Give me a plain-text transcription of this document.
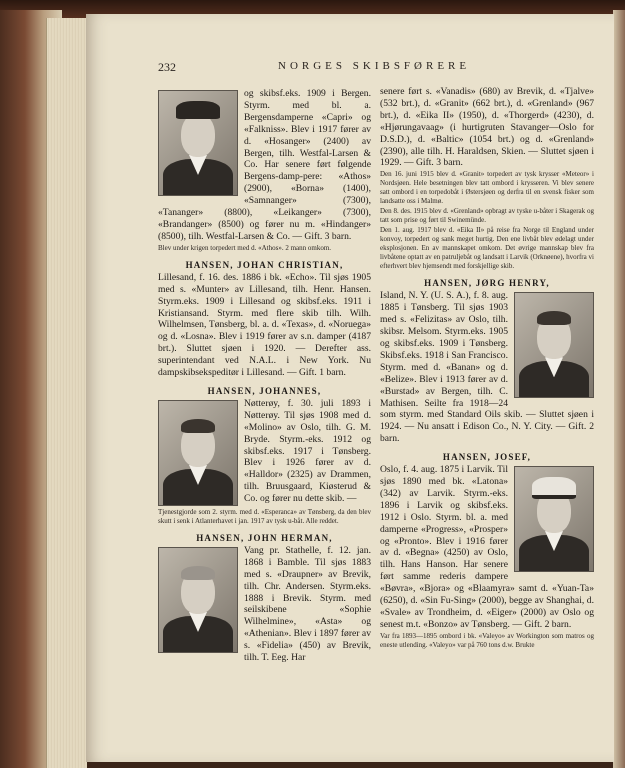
232	NORGES SKIBSFØRERE

og skibsf.eks. 1909 i Bergen. Styrm. med bl. a. Bergensdamperne «Capri» og «Falkniss». Blev i 1917 fører av d. «Hosanger» (2400) av Bergen, tilh. Westfal-Larsen & Co. Har senere ført følgende Bergens-damp-pere: «Athos» (2900), «Borna» (1400), «Samnanger» (7300), «Tananger» (8800), «Leikanger» (7300), «Brandanger» (8500) og fører nu m. «Hindanger» (8500), tilh. Westfal-Larsen & Co. — Gift. 3 barn.

Blev under krigen torpedert med d. «Athos». 2 mann omkom.

HANSEN, JOHAN CHRISTIAN,

Lillesand, f. 16. des. 1886 i bk. «Echo». Til sjøs 1905 med s. «Munter» av Lillesand, tilh. Henr. Hansen. Styrm.eks. 1909 i Lillesand og skibsf.eks. 1911 i Kristiansand. Styrm. med flere skib tilh. Wilh. Wilhelmsen, Tønsberg, bl. a. d. «Texas», d. «Noruega» og d. «Losna». Blev i 1919 fører av s.n. damper (4187 brt.). Sluttet sjøen i 1920. — Derefter ass. superintendant ved N.A.L. i New York. Nu dampskibsekspeditør i Lillesand. — Gift. 1 barn.

HANSEN, JOHANNES,

Nøtterøy, f. 30. juli 1893 i Nøtterøy. Til sjøs 1908 med d. «Molino» av Oslo, tilh. G. M. Bryde. Styrm.-eks. 1912 og skibsf.eks. 1917 i Tønsberg. Blev i 1926 fører av d. «Halldor» (2325) av Drammen, tilh. Bruusgaard, Kiøsterud & Co. og fører nu dette skib. —

Tjenestgjorde som 2. styrm. med d. «Esperanca» av Tønsberg, da den blev skutt i senk i Atlanterhavet i jan. 1917 av tysk u-båt. Alle reddet.

HANSEN, JOHN HERMAN,

Vang pr. Stathelle, f. 12. jan. 1868 i Bamble. Til sjøs 1883 med s. «Draupner» av Brevik, tilh. Chr. Andersen. Styrm.eks. 1888 i Brevik. Styrm. med seilskibene «Sophie Wilhelmine», «Asta» og «Athenian». Blev i 1897 fører av s. «Fidelia» (450) av Brevik, tilh. T. Eeg. Har

senere ført s. «Vanadis» (680) av Brevik, d. «Tjalve» (532 brt.), d. «Granit» (662 brt.), d. «Grenland» (967 brt.), d. «Eika II» (1950), d. «Thorgerd» (4230), d. «Hjørungavaag» (i hurtigruten Stavanger—Oslo for D.S.D.), d. «Baltic» (1054 brt.) og d. «Grenland» (2390), alle tilh. H. Haraldsen, Skien. — Sluttet sjøen i 1929. — Gift. 3 barn.

Den 16. juni 1915 blev d. «Granit» torpedert av tysk krysser «Meteor» i Nordsjøen. Hele besetningen blev tatt ombord i krysseren. Vi blev senere satt ombord i en torpedobåt i Østersjøen og derfra til en svensk fisker som landsatte oss i Malmø.

Den 8. des. 1915 blev d. «Grenland» opbragt av tyske u-båter i Skagerak og tatt som prise og ført til Swinemünde.

Den 1. aug. 1917 blev d. «Eika II» på reise fra Norge til England under konvoy, torpedert og sank meget hurtig. Den ene livbåt blev ødelagt under eksplosjonen. En av mannskapet omkom. Det øvrige mannskap blev fra livbåtene optatt av en patruljebåt og landsatt i Larvik (Orknøene), hvorfra vi efterhvert blev hjemsendt med forskjellige skib.

HANSEN, JØRG HENRY,

Island, N. Y. (U. S. A.), f. 8. aug. 1885 i Tønsberg. Til sjøs 1903 med s. «Felizitas» av Oslo, tilh. skibsr. Melsom. Styrm.eks. 1905 og skibsf.eks. 1909 i Tønsberg. Skibsf.eks. 1918 i San Francisco. Styrm. med d. «Banan» og d. «Belize». Blev i 1913 fører av d. «Burstad» av Bergen, tilh. C. Mathisen. Seilte fra 1918—24 som styrm. med Standard Oils skib. — Sluttet sjøen i 1924. — Nu ansatt i Edison Co., N. Y. City. — Gift. 2 barn.

HANSEN, JOSEF,

Oslo, f. 4. aug. 1875 i Larvik. Til sjøs 1890 med bk. «Latona» (342) av Larvik. Styrm.-eks. 1896 i Larvik og skibsf.eks. 1912 i Oslo. Styrm. bl. a. med damperne «Progress», «Prosper» og «Pronto». Blev i 1916 fører av d. «Begna» (4250) av Oslo, tilh. Hans Hanson. Har senere ført samme rederis dampere «Bøvra», «Bjora» og «Blaamyra» samt d. «Yuan-Ta» (6250), d. «Sin Fu-Sing» (2000), begge av Shanghai, d. «Svale» av Trondheim, d. «Eiger» (2000) av Oslo og senest m.t. «Bonzo» av Tønsberg. — Gift. 2 barn.

Var fra 1893—1895 ombord i bk. «Valeyo» av Workington som matros og eneste utlending. «Valeyo» var på 760 tons d.w. Brukte
